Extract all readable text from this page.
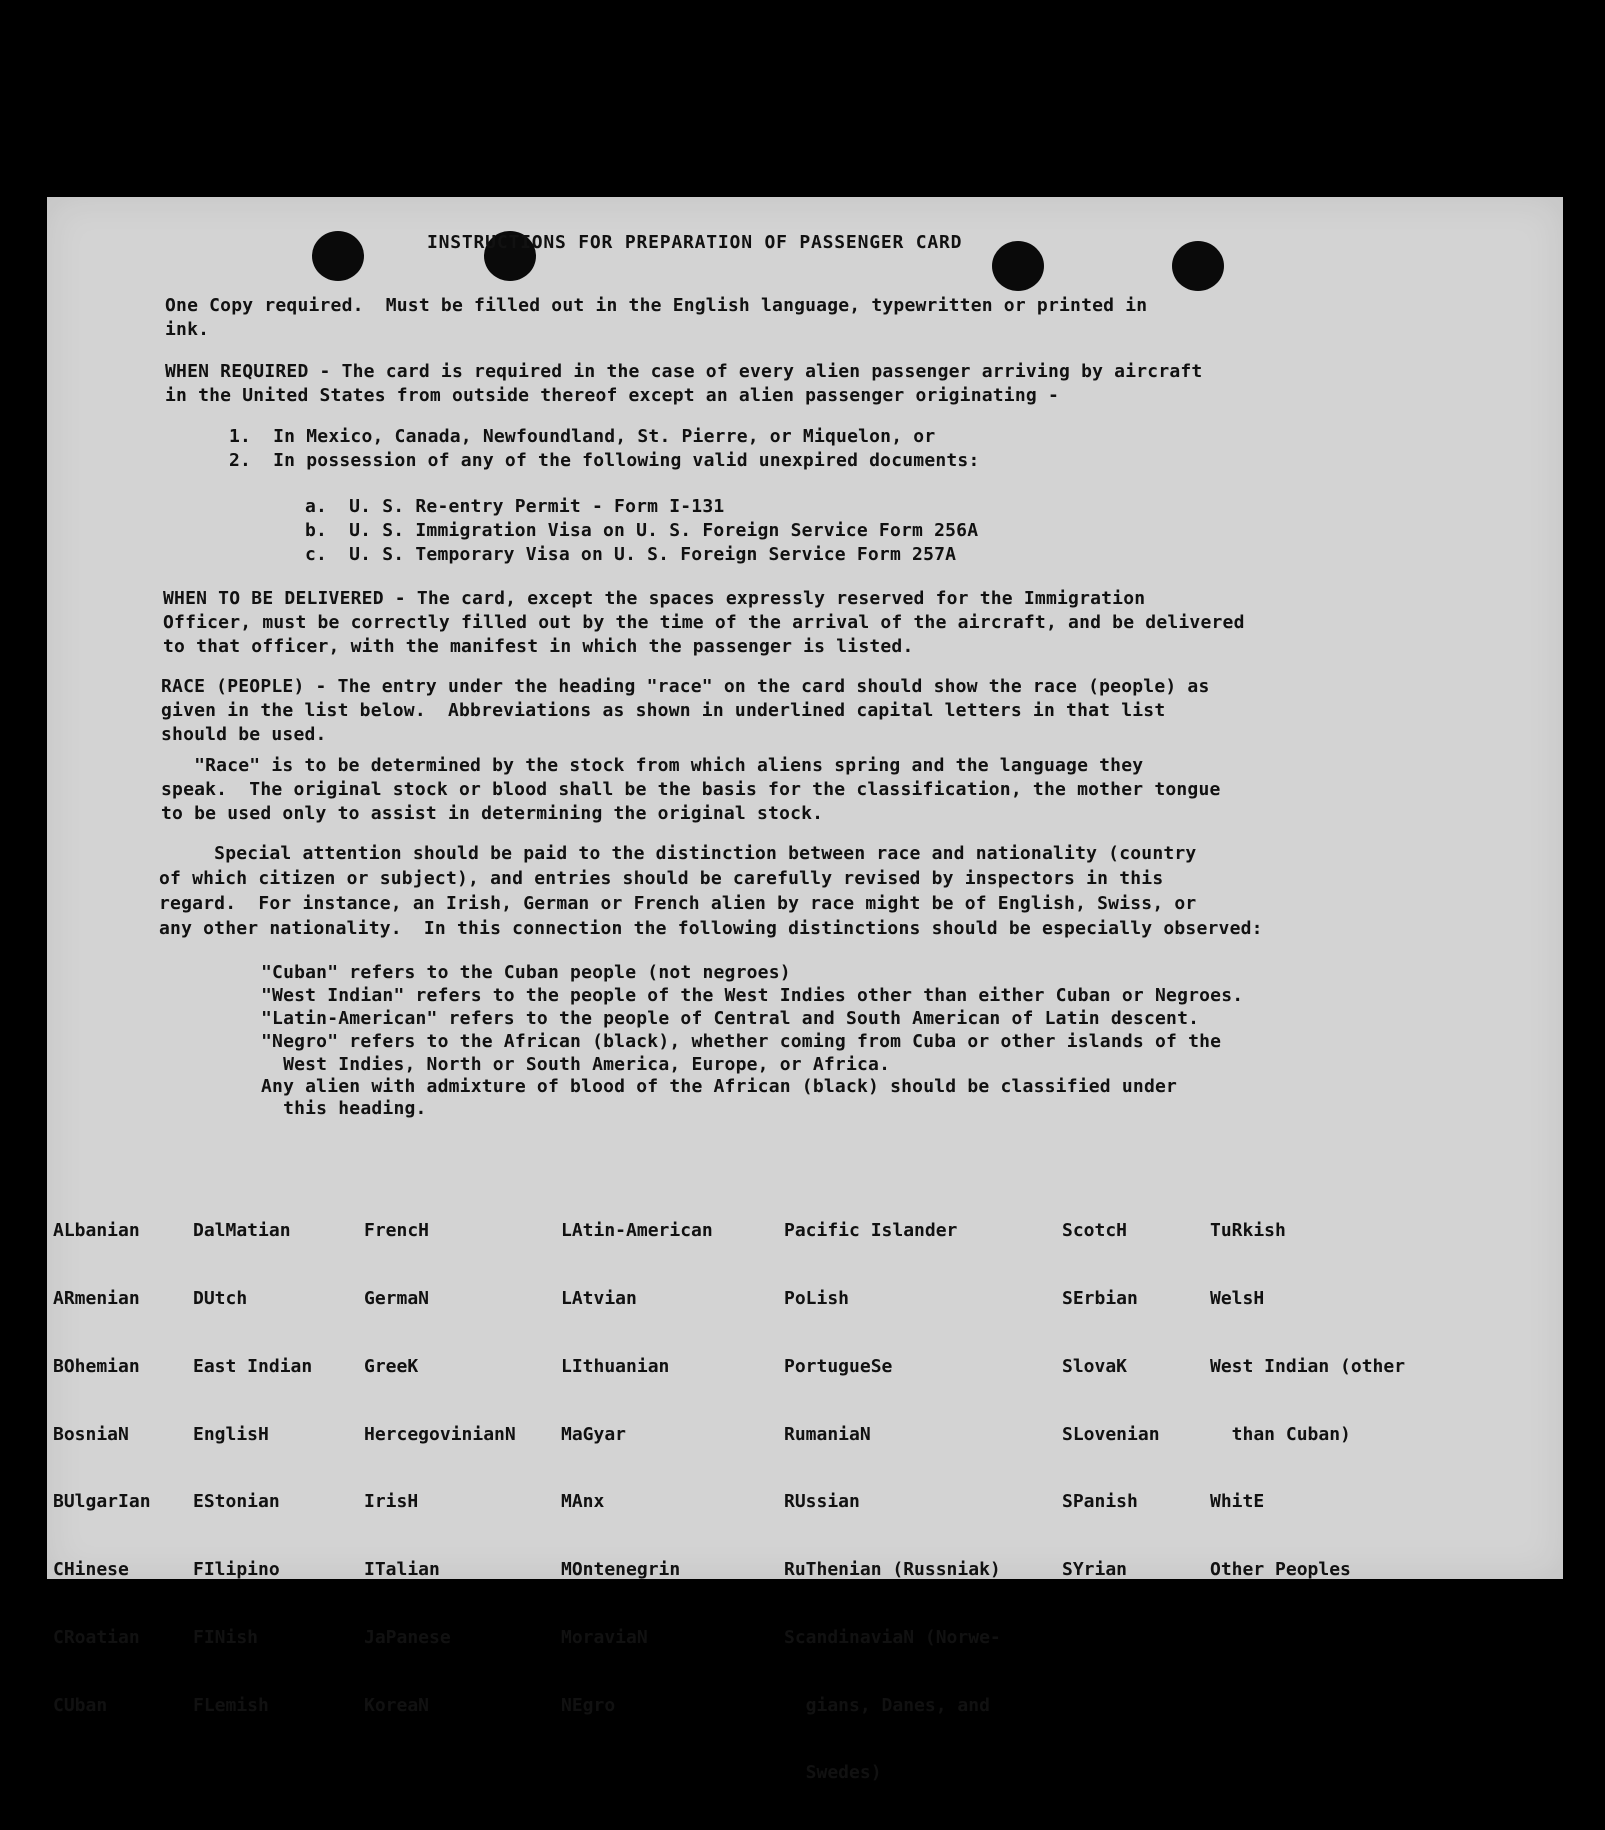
INSTRUCTIONS FOR PREPARATION OF PASSENGER CARD
One Copy required.  Must be filled out in the English language, typewritten or printed in
ink.
WHEN REQUIRED - The card is required in the case of every alien passenger arriving by aircraft
in the United States from outside thereof except an alien passenger originating -
1.  In Mexico, Canada, Newfoundland, St. Pierre, or Miquelon, or
2.  In possession of any of the following valid unexpired documents:
a.  U. S. Re-entry Permit - Form I-131
b.  U. S. Immigration Visa on U. S. Foreign Service Form 256A
c.  U. S. Temporary Visa on U. S. Foreign Service Form 257A
WHEN TO BE DELIVERED - The card, except the spaces expressly reserved for the Immigration
Officer, must be correctly filled out by the time of the arrival of the aircraft, and be delivered
to that officer, with the manifest in which the passenger is listed.
RACE (PEOPLE) - The entry under the heading "race" on the card should show the race (people) as
given in the list below.  Abbreviations as shown in underlined capital letters in that list
should be used.
"Race" is to be determined by the stock from which aliens spring and the language they
speak.  The original stock or blood shall be the basis for the classification, the mother tongue
to be used only to assist in determining the original stock.
Special attention should be paid to the distinction between race and nationality (country
of which citizen or subject), and entries should be carefully revised by inspectors in this
regard.  For instance, an Irish, German or French alien by race might be of English, Swiss, or
any other nationality.  In this connection the following distinctions should be especially observed:
"Cuban" refers to the Cuban people (not negroes)
"West Indian" refers to the people of the West Indies other than either Cuban or Negroes.
"Latin-American" refers to the people of Central and South American of Latin descent.
"Negro" refers to the African (black), whether coming from Cuba or other islands of the
West Indies, North or South America, Europe, or Africa.
Any alien with admixture of blood of the African (black) should be classified under
this heading.

ALbanian

ARmenian

BOhemian

BosniaN

BUlgarIan

CHinese

CRoatian

CUban

DalMatian

DUtch

East Indian

EnglisH

EStonian

FIlipino

FINish

FLemish

FrencH

GermaN

GreeK

HercegovinianN

IrisH

ITalian

JaPanese

KoreaN

LAtin-American

LAtvian

LIthuanian

MaGyar

MAnx

MOntenegrin

MoraviaN

NEgro

Pacific Islander

PoLish

PortugueSe

RumaniaN

RUssian

RuThenian (Russniak)

ScandinaviaN (Norwe-

gians, Danes, and

Swedes)

ScotcH

SErbian

SlovaK

SLovenian

SPanish

SYrian

TuRkish

WelsH

West Indian (other

than Cuban)

WhitE

Other Peoples
